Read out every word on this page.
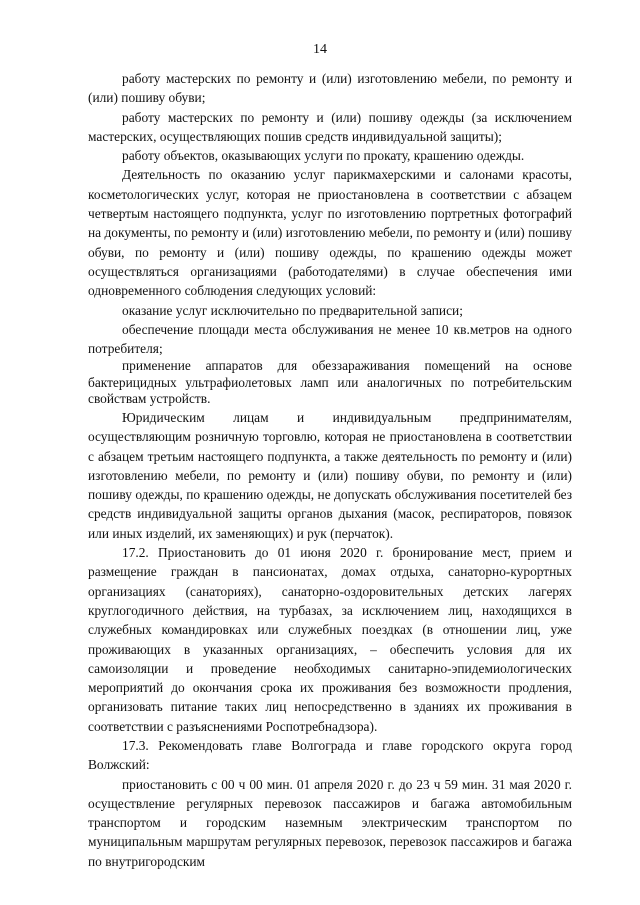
14

работу мастерских по ремонту и (или) изготовлению мебели, по ремонту и (или) пошиву обуви;

работу мастерских по ремонту и (или) пошиву одежды (за исключением мастерских, осуществляющих пошив средств индивидуальной защиты);

работу объектов, оказывающих услуги по прокату, крашению одежды.

Деятельность по оказанию услуг парикмахерскими и салонами красоты, косметологических услуг, которая не приостановлена в соответствии с абзацем четвертым настоящего подпункта, услуг по изготовлению портретных фотографий на документы, по ремонту и (или) изготовлению мебели, по ремонту и (или) пошиву обуви, по ремонту и (или) пошиву одежды, по крашению одежды может осуществляться организациями (работодателями) в случае обеспечения ими одновременного соблюдения следующих условий:

оказание услуг исключительно по предварительной записи;

обеспечение площади места обслуживания не менее 10 кв.метров на одного потребителя;

применение аппаратов для обеззараживания помещений на основе бактерицидных ультрафиолетовых ламп или аналогичных по потребительским свойствам устройств.

Юридическим лицам и индивидуальным предпринимателям, осуществляющим розничную торговлю, которая не приостановлена в соответствии с абзацем третьим настоящего подпункта, а также деятельность по ремонту и (или) изготовлению мебели, по ремонту и (или) пошиву обуви, по ремонту и (или) пошиву одежды, по крашению одежды, не допускать обслуживания посетителей без средств индивидуальной защиты органов дыхания (масок, респираторов, повязок или иных изделий, их заменяющих) и рук (перчаток).

17.2. Приостановить до 01 июня 2020 г. бронирование мест, прием и размещение граждан в пансионатах, домах отдыха, санаторно-курортных организациях (санаториях), санаторно-оздоровительных детских лагерях круглогодичного действия, на турбазах, за исключением лиц, находящихся в служебных командировках или служебных поездках (в отношении лиц, уже проживающих в указанных организациях, – обеспечить условия для их самоизоляции и проведение необходимых санитарно-эпидемиологических мероприятий до окончания срока их проживания без возможности продления, организовать питание таких лиц непосредственно в зданиях их проживания в соответствии с разъяснениями Роспотребнадзора).

17.3. Рекомендовать главе Волгограда и главе городского округа город Волжский:

приостановить с 00 ч 00 мин. 01 апреля 2020 г. до 23 ч 59 мин. 31 мая 2020 г. осуществление регулярных перевозок пассажиров и багажа автомобильным транспортом и городским наземным электрическим транспортом по муниципальным маршрутам регулярных перевозок, перевозок пассажиров и багажа по внутригородским
